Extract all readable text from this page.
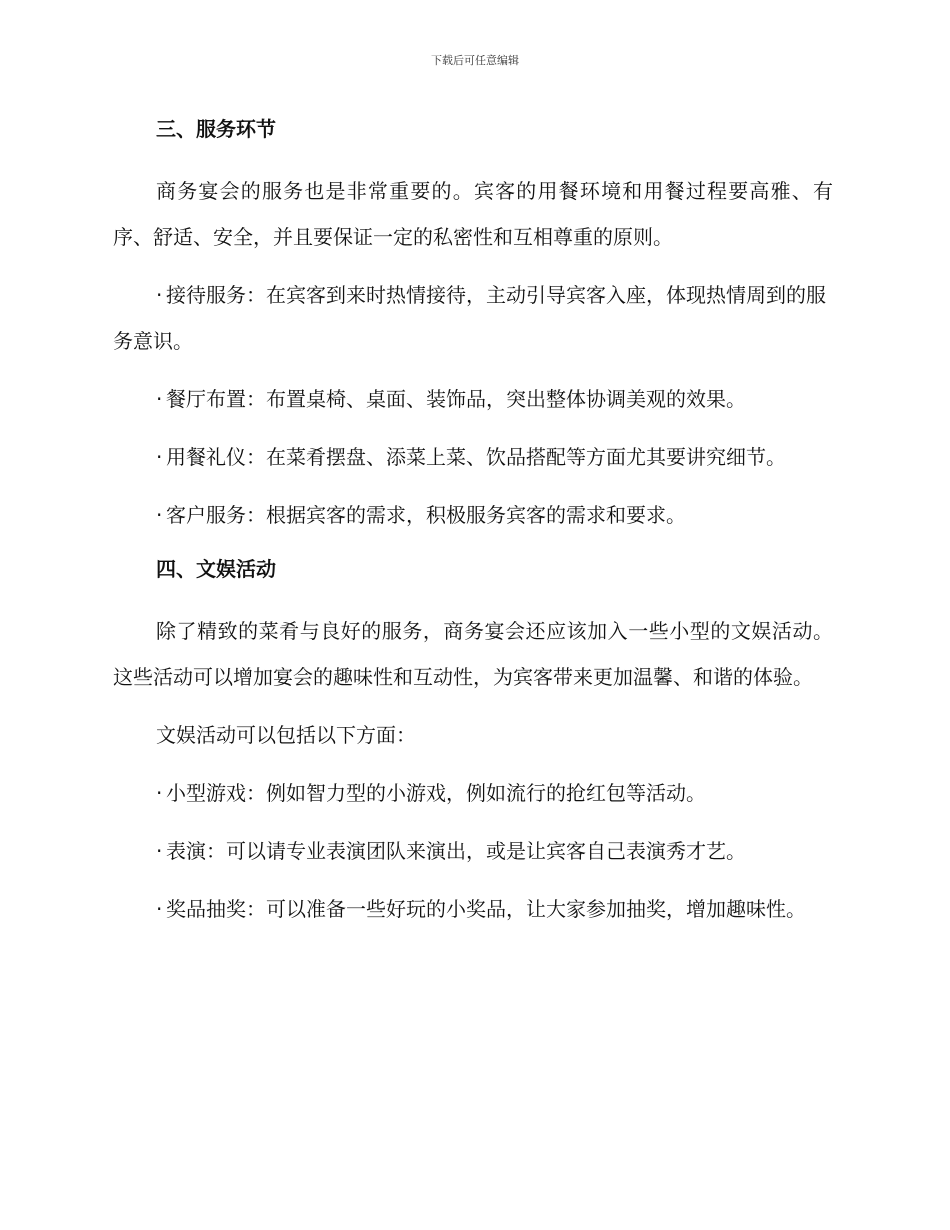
下载后可任意编辑
三、服务环节

商务宴会的服务也是非常重要的。宾客的用餐环境和用餐过程要高雅、有序、舒适、安全，并且要保证一定的私密性和互相尊重的原则。

· 接待服务：在宾客到来时热情接待，主动引导宾客入座，体现热情周到的服务意识。

· 餐厅布置：布置桌椅、桌面、装饰品，突出整体协调美观的效果。

· 用餐礼仪：在菜肴摆盘、添菜上菜、饮品搭配等方面尤其要讲究细节。

· 客户服务：根据宾客的需求，积极服务宾客的需求和要求。

四、文娱活动

除了精致的菜肴与良好的服务，商务宴会还应该加入一些小型的文娱活动。这些活动可以增加宴会的趣味性和互动性，为宾客带来更加温馨、和谐的体验。

文娱活动可以包括以下方面：

· 小型游戏：例如智力型的小游戏，例如流行的抢红包等活动。

· 表演：可以请专业表演团队来演出，或是让宾客自己表演秀才艺。

· 奖品抽奖：可以准备一些好玩的小奖品，让大家参加抽奖，增加趣味性。
